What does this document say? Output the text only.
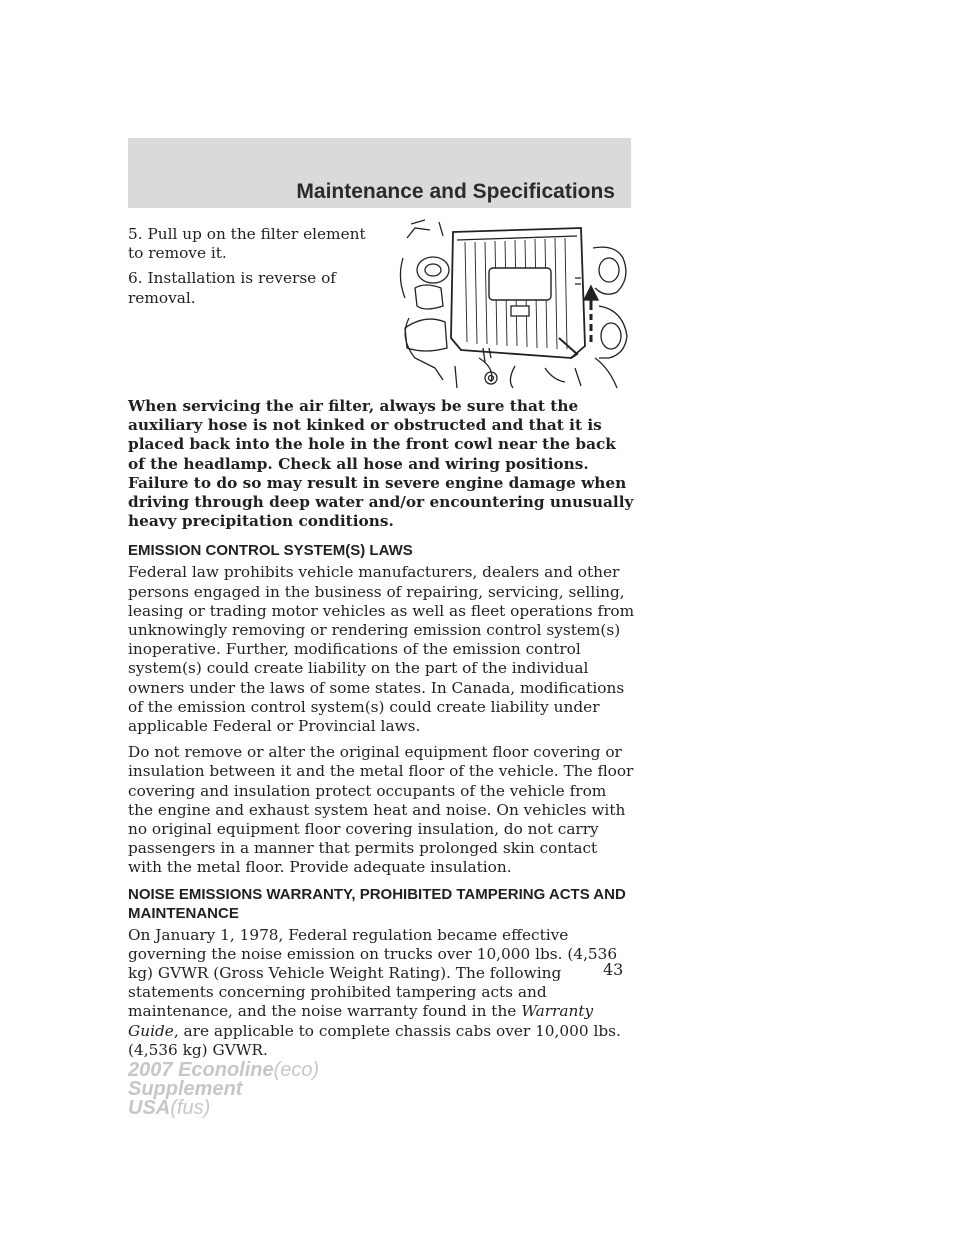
Maintenance and Specifications

5. Pull up on the filter element to remove it.

6. Installation is reverse of removal.

When servicing the air filter, always be sure that the auxiliary hose is not kinked or obstructed and that it is placed back into the hole in the front cowl near the back of the headlamp. Check all hose and wiring positions. Failure to do so may result in severe engine damage when driving through deep water and/or encountering unusually heavy precipitation conditions.

EMISSION CONTROL SYSTEM(S) LAWS

Federal law prohibits vehicle manufacturers, dealers and other persons engaged in the business of repairing, servicing, selling, leasing or trading motor vehicles as well as fleet operations from unknowingly removing or rendering emission control system(s) inoperative. Further, modifications of the emission control system(s) could create liability on the part of the individual owners under the laws of some states. In Canada, modifications of the emission control system(s) could create liability under applicable Federal or Provincial laws.

Do not remove or alter the original equipment floor covering or insulation between it and the metal floor of the vehicle. The floor covering and insulation protect occupants of the vehicle from the engine and exhaust system heat and noise. On vehicles with no original equipment floor covering insulation, do not carry passengers in a manner that permits prolonged skin contact with the metal floor. Provide adequate insulation.

NOISE EMISSIONS WARRANTY, PROHIBITED TAMPERING ACTS AND MAINTENANCE

On January 1, 1978, Federal regulation became effective governing the noise emission on trucks over 10,000 lbs. (4,536 kg) GVWR (Gross Vehicle Weight Rating). The following statements concerning prohibited tampering acts and maintenance, and the noise warranty found in the Warranty Guide, are applicable to complete chassis cabs over 10,000 lbs. (4,536 kg) GVWR.

43
2007 Econoline(eco)
Supplement
USA(fus)
